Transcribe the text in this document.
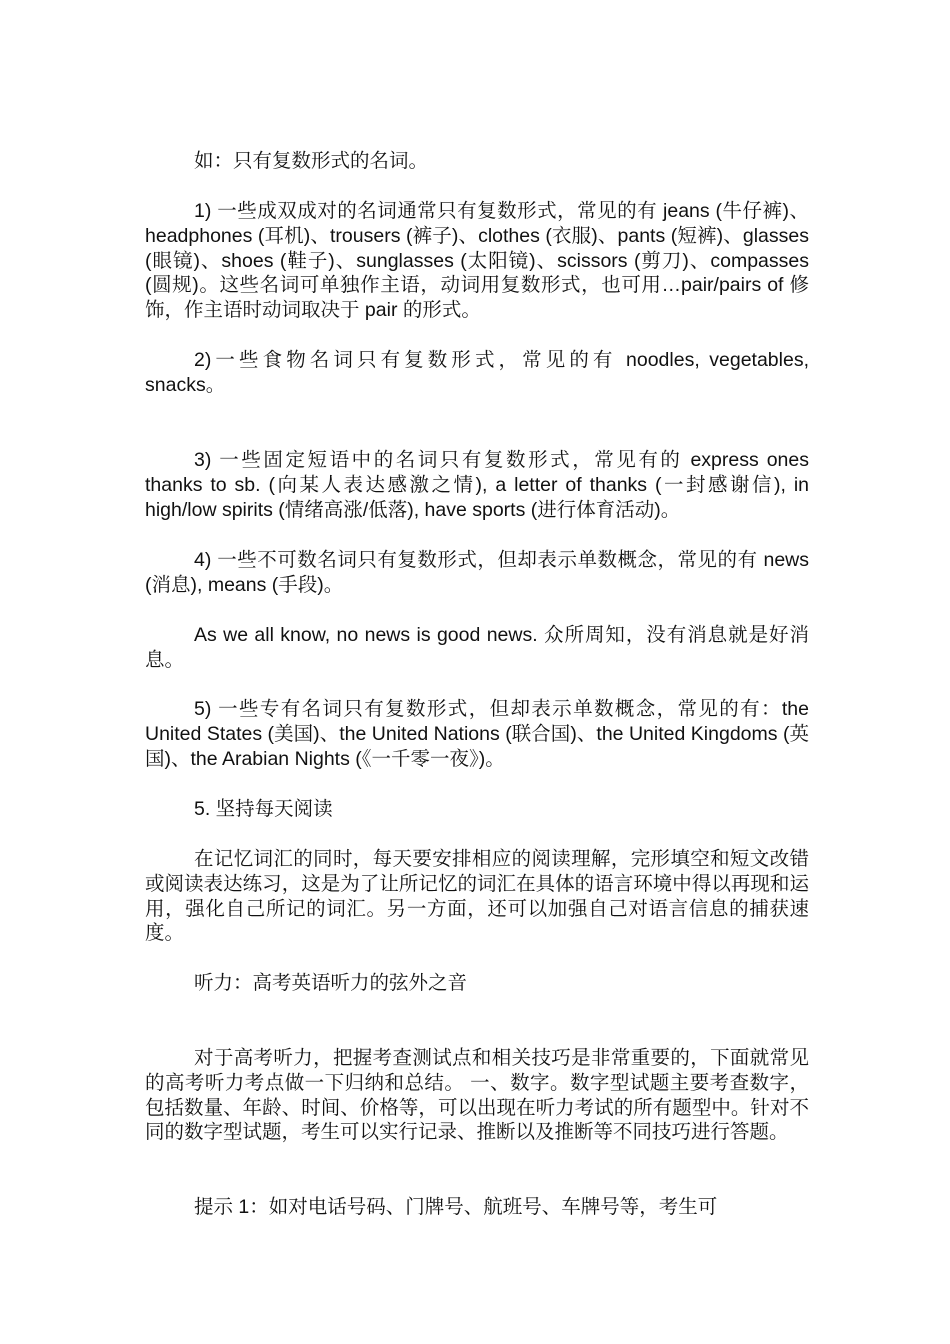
如：只有复数形式的名词。

1) 一些成双成对的名词通常只有复数形式，常见的有 jeans (牛仔裤)、headphones (耳机)、trousers (裤子)、clothes (衣服)、pants (短裤)、glasses (眼镜)、shoes (鞋子)、sunglasses (太阳镜)、scissors (剪刀)、compasses (圆规)。这些名词可单独作主语，动词用复数形式，也可用…pair/pairs of 修饰，作主语时动词取决于 pair 的形式。

2)一些食物名词只有复数形式，常见的有 noodles, vegetables, snacks。

3) 一些固定短语中的名词只有复数形式，常见有的 express ones thanks to sb. (向某人表达感激之情), a letter of thanks (一封感谢信), in high/low spirits (情绪高涨/低落), have sports (进行体育活动)。

4) 一些不可数名词只有复数形式，但却表示单数概念，常见的有 news (消息), means (手段)。

As we all know, no news is good news. 众所周知，没有消息就是好消息。

5) 一些专有名词只有复数形式，但却表示单数概念，常见的有：the United States (美国)、the United Nations (联合国)、the United Kingdoms (英国)、the Arabian Nights (《一千零一夜》)。

5. 坚持每天阅读

在记忆词汇的同时，每天要安排相应的阅读理解，完形填空和短文改错或阅读表达练习，这是为了让所记忆的词汇在具体的语言环境中得以再现和运用，强化自己所记的词汇。另一方面，还可以加强自己对语言信息的捕获速度。

听力：高考英语听力的弦外之音

对于高考听力，把握考查测试点和相关技巧是非常重要的，下面就常见的高考听力考点做一下归纳和总结。 一、数字。数字型试题主要考查数字，包括数量、年龄、时间、价格等，可以出现在听力考试的所有题型中。针对不同的数字型试题，考生可以实行记录、推断以及推断等不同技巧进行答题。

提示 1：如对电话号码、门牌号、航班号、车牌号等，考生可
